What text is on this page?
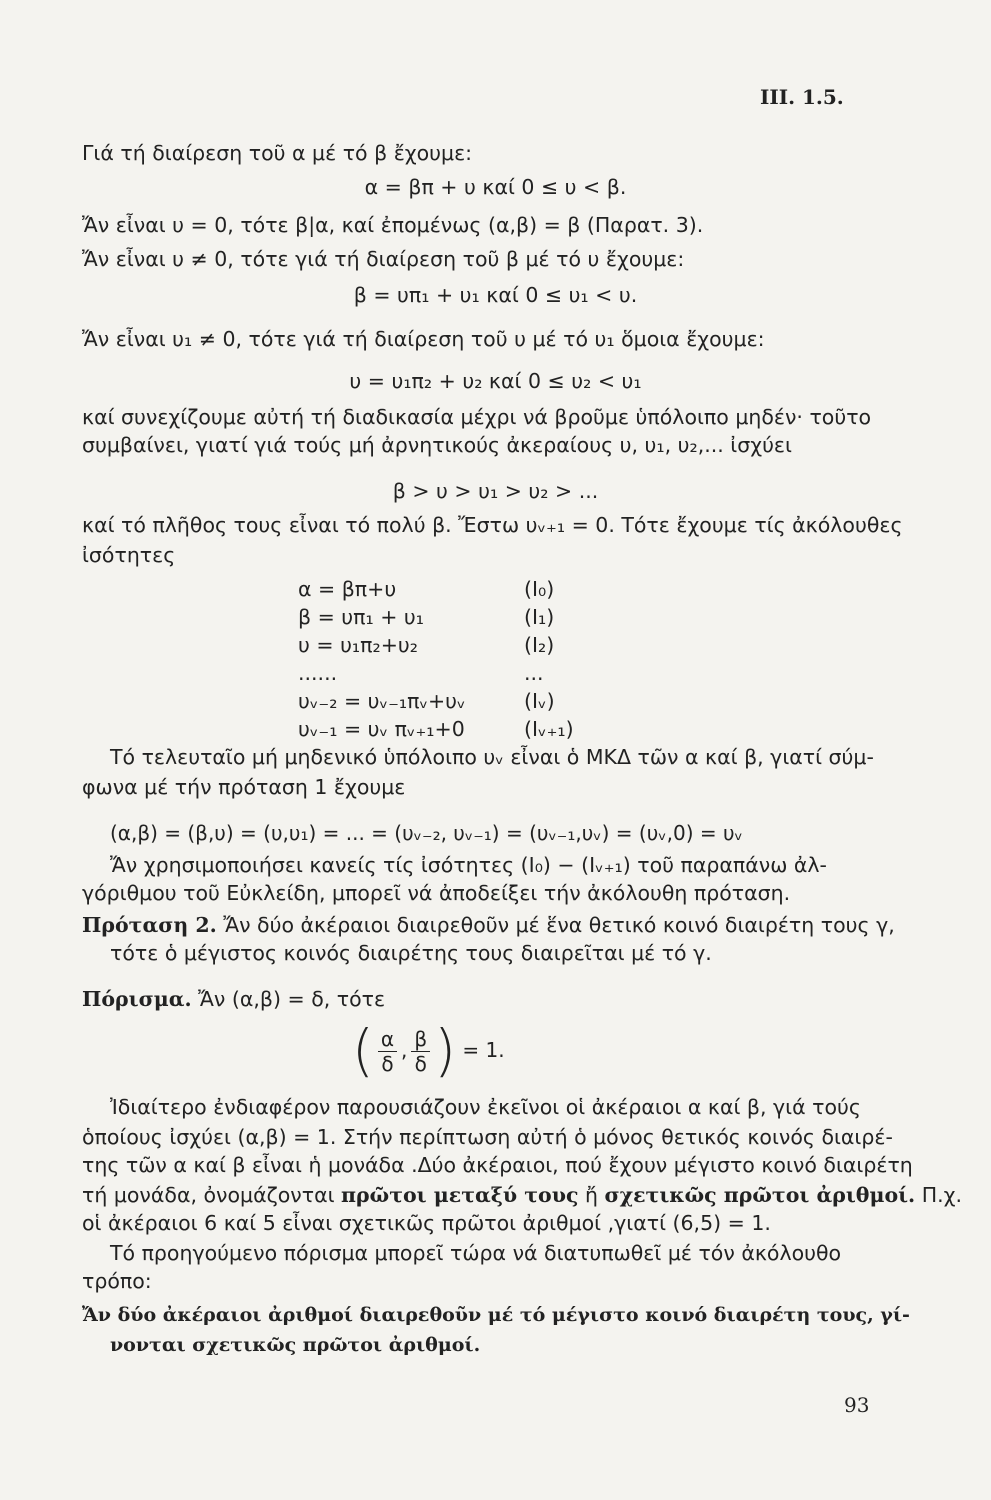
ΙΙΙ. 1.5.
Γιά τή διαίρεση τοῦ α μέ τό β ἔχουμε:
α = βπ + υ καί 0 ≤ υ < β.
Ἄν εἶναι υ = 0, τότε β|α, καί ἐπομένως (α,β) = β (Παρατ. 3).
Ἄν εἶναι υ ≠ 0, τότε γιά τή διαίρεση τοῦ β μέ τό υ ἔχουμε:
β = υπ₁ + υ₁ καί 0 ≤ υ₁ < υ.
Ἄν εἶναι υ₁ ≠ 0, τότε γιά τή διαίρεση τοῦ υ μέ τό υ₁ ὅμοια ἔχουμε:
υ = υ₁π₂ + υ₂ καί 0 ≤ υ₂ < υ₁
καί συνεχίζουμε αὐτή τή διαδικασία μέχρι νά βροῦμε ὑπόλοιπο μηδέν· τοῦτο
συμβαίνει, γιατί γιά τούς μή ἀρνητικούς ἀκεραίους υ, υ₁, υ₂,... ἰσχύει
β > υ > υ₁ > υ₂ > ...
καί τό πλῆθος τους εἶναι τό πολύ β. Ἔστω υᵥ₊₁ = 0. Τότε ἔχουμε τίς ἀκόλουθες
ἰσότητες
α = βπ+υ
β = υπ₁ + υ₁
υ = υ₁π₂+υ₂
......
υᵥ₋₂ = υᵥ₋₁πᵥ+υᵥ
υᵥ₋₁ = υᵥ πᵥ₊₁+0
(Ι₀)
(Ι₁)
(Ι₂)
...
(Ιᵥ)
(Ιᵥ₊₁)
Τό τελευταῖο μή μηδενικό ὑπόλοιπο υᵥ εἶναι ὁ ΜΚΔ τῶν α καί β, γιατί σύμ-
φωνα μέ τήν πρόταση 1 ἔχουμε
(α,β) = (β,υ) = (υ,υ₁) = ... = (υᵥ₋₂, υᵥ₋₁) = (υᵥ₋₁,υᵥ) = (υᵥ,0) = υᵥ
Ἄν χρησιμοποιήσει κανείς τίς ἰσότητες (Ι₀) − (Ιᵥ₊₁) τοῦ παραπάνω ἀλ-
γόριθμου τοῦ Εὐκλείδη, μπορεῖ νά ἀποδείξει τήν ἀκόλουθη πρόταση.
Πρόταση 2. Ἄν δύο ἀκέραιοι διαιρεθοῦν μέ ἕνα θετικό κοινό διαιρέτη τους γ,
τότε ὁ μέγιστος κοινός διαιρέτης τους διαιρεῖται μέ τό γ.
Πόρισμα. Ἄν (α,β) = δ, τότε
( $\frac{\alpha}{\delta}$ , $\frac{\beta}{\delta}$ ) = 1.
Ἰδιαίτερο ἐνδιαφέρον παρουσιάζουν ἐκεῖνοι οἱ ἀκέραιοι α καί β, γιά τούς
ὁποίους ἰσχύει (α,β) = 1. Στήν περίπτωση αὐτή ὁ μόνος θετικός κοινός διαιρέ-
της τῶν α καί β εἶναι ἡ μονάδα .Δύο ἀκέραιοι, πού ἔχουν μέγιστο κοινό διαιρέτη
τή μονάδα, ὀνομάζονται πρῶτοι μεταξύ τους ἤ σχετικῶς πρῶτοι ἀριθμοί. Π.χ.
οἱ ἀκέραιοι 6 καί 5 εἶναι σχετικῶς πρῶτοι ἀριθμοί ,γιατί (6,5) = 1.
Τό προηγούμενο πόρισμα μπορεῖ τώρα νά διατυπωθεῖ μέ τόν ἀκόλουθο
τρόπο:
Ἄν δύο ἀκέραιοι ἀριθμοί διαιρεθοῦν μέ τό μέγιστο κοινό διαιρέτη τους, γί-
νονται σχετικῶς πρῶτοι ἀριθμοί.
93
